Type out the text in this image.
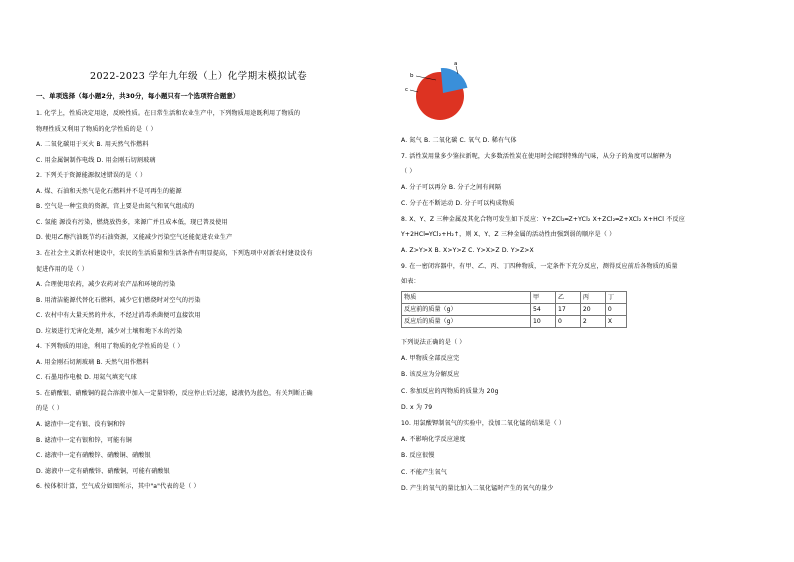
2022-2023 学年九年级（上）化学期末模拟试卷
一、单项选择（每小题2分，共30分，每小题只有一个选项符合题意）
1. 化学上，性质决定用途，反映性质。在日常生活和农业生产中，下列物质用途既利用了物质的
物理性质又利用了物质的化学性质的是（ ）
A. 二氧化碳用于灭火 B. 用天然气作燃料
C. 用金属铜制作电线 D. 用金刚石切割玻璃
2. 下列关于资源能源叙述错误的是（ ）
A. 煤、石油和天然气是化石燃料并不是可再生的能源
B. 空气是一种宝贵的资源，宫上要是由氮气和氧气组成的
C. 氢能 源没有污染，燃烧放热多，来源广并且成本低，现已普及使用
D. 使用乙醇汽油既节约石油资源，又能减少污染空气还能促进农业生产
3. 在社会主义新农村建设中，农民的生活质量和生活条件有明显提高，下列选项中对新农村建设没有
促进作用的是（ ）
A. 合理使用农药，减少农药对农产品和环境的污染
B. 用清洁能源代替化石燃料，减少它们燃烧时对空气的污染
C. 农村中有大量天然的井水，不经过消毒杀菌便可直接饮用
D. 垃圾进行无害化处理，减少对土壤和地下水的污染
4. 下列物质的用途，利用了物质的化学性质的是（ ）
A. 用金刚石切割玻璃 B. 天然气用作燃料
C. 石墨用作电极 D. 用氦气填充气球
5. 在硝酸银、硝酸铜的混合溶液中加入一定量锌粉，反应停止后过滤，滤液仍为蓝色，有关判断正确
的是（ ）
A. 滤渣中一定有银、没有铜和锌
B. 滤渣中一定有银和锌，可能有铜
C. 滤液中一定有硝酸锌、硝酸铜、硝酸银
D. 滤液中一定有硝酸锌、硝酸铜，可能有硝酸银
6. 按体积计算，空气成分如图所示，其中"a"代表的是（ ）
a
b
c
A. 氮气 B. 二氧化碳 C. 氧气 D. 稀有气体
7. 活性炭用量多少鉴拉新呢，大多数活性炭在使用时会闻到特殊的气味，从分子的角度可以解释为
（ ）
A. 分子可以再分 B. 分子之间有间隔
C. 分子在不断运动 D. 分子可以构成物质
8. X、Y、Z 三种金属及其化合物可发生如下反应：Y+ZCl₂═Z+YCl₂ X+ZCl₂═Z+XCl₂ X+HCl 不反应
Y+2HCl═YCl₂+H₂↑，则 X、Y、Z 三种金属的活动性由强到弱的顺序是（ ）
A. Z>Y>X B. X>Y>Z C. Y>X>Z D. Y>Z>X
9. 在一密闭容器中，有甲、乙、丙、丁四种物质，一定条件下充分反应，测得反应前后各物质的质量
如表：
物质	甲	乙	丙	丁
反应前的质量（g）	54	17	20	0
反应后的质量（g）	10	0	2	X
下列说法正确的是（ ）
A. 甲物质全部反应完
B. 该反应为分解反应
C. 参加反应的丙物质的质量为 20g
D. x 为 79
10. 用氯酸钾制氧气的实验中，没加二氧化锰的结果是（ ）
A. 不影响化学反应速度
B. 反应很慢
C. 不能产生氧气
D. 产生的氧气的量比加入二氧化锰时产生的氧气的量少
